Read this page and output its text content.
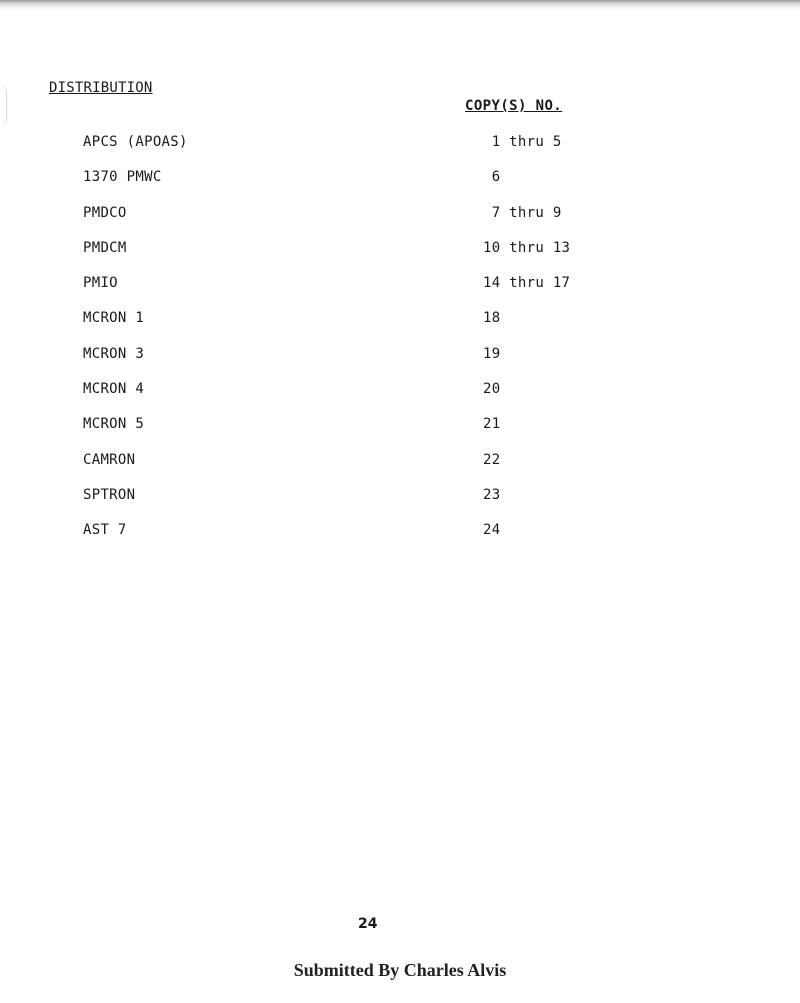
DISTRIBUTION
COPY(S) NO.
APCS (APOAS)	1 thru 5
1370 PMWC	6
PMDCO	7 thru 9
PMDCM	10 thru 13
PMIO	14 thru 17
MCRON 1	18
MCRON 3	19
MCRON 4	20
MCRON 5	21
CAMRON	22
SPTRON	23
AST 7	24
24
Submitted By Charles Alvis
